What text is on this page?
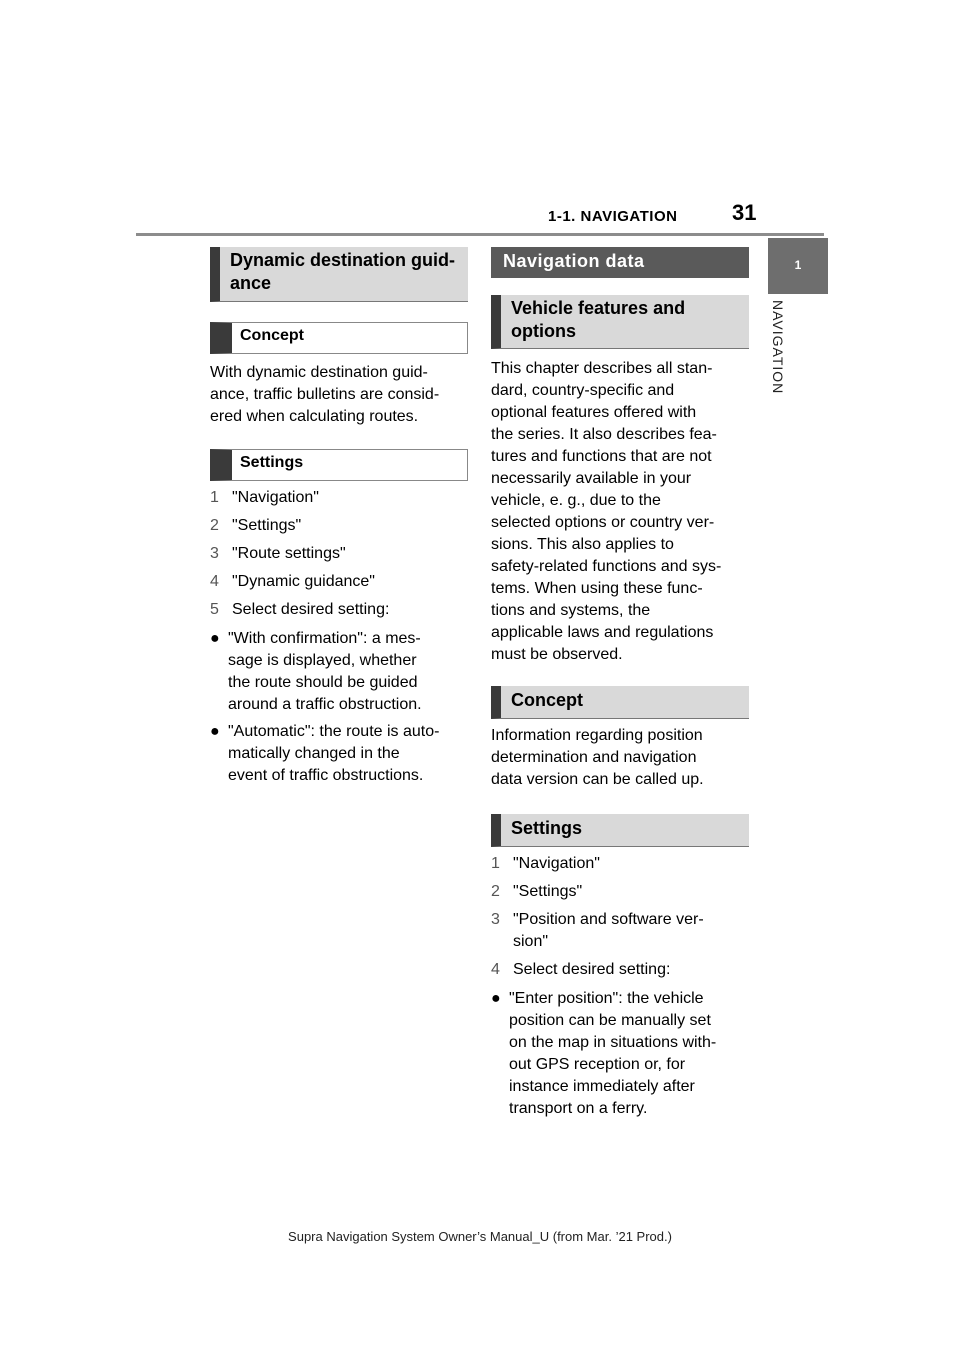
1-1. NAVIGATION 31
1
NAVIGATION
Dynamic destination guid-
ance
Concept
With dynamic destination guid-
ance, traffic bulletins are consid-
ered when calculating routes.
Settings
1 "Navigation"
2 "Settings"
3 "Route settings"
4 "Dynamic guidance"
5 Select desired setting:
● "With confirmation": a mes-
sage is displayed, whether
the route should be guided
around a traffic obstruction.
● "Automatic": the route is auto-
matically changed in the
event of traffic obstructions.
Navigation data
Vehicle features and
options
This chapter describes all stan-
dard, country-specific and
optional features offered with
the series. It also describes fea-
tures and functions that are not
necessarily available in your
vehicle, e. g., due to the
selected options or country ver-
sions. This also applies to
safety-related functions and sys-
tems. When using these func-
tions and systems, the
applicable laws and regulations
must be observed.
Concept
Information regarding position
determination and navigation
data version can be called up.
Settings
1 "Navigation"
2 "Settings"
3 "Position and software ver-
sion"
4 Select desired setting:
● "Enter position": the vehicle
position can be manually set
on the map in situations with-
out GPS reception or, for
instance immediately after
transport on a ferry.
Supra Navigation System Owner’s Manual_U (from Mar. ’21 Prod.)
